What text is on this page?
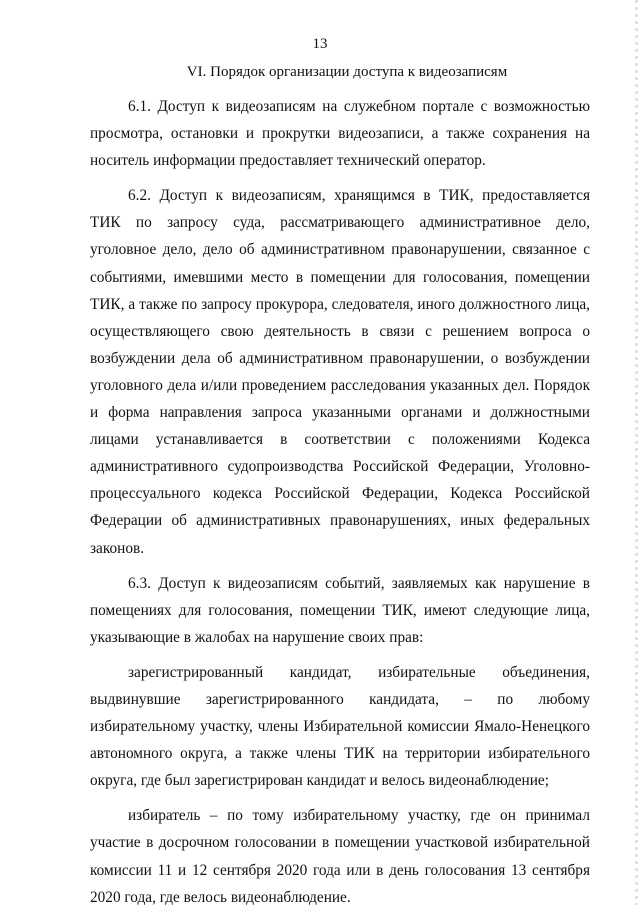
13
VI. Порядок организации доступа к видеозаписям

6.1. Доступ к видеозаписям на служебном портале с возможностью просмотра, остановки и прокрутки видеозаписи, а также сохранения на носитель информации предоставляет технический оператор.

6.2. Доступ к видеозаписям, хранящимся в ТИК, предоставляется ТИК по запросу суда, рассматривающего административное дело, уголовное дело, дело об административном правонарушении, связанное с событиями, имевшими место в помещении для голосования, помещении ТИК, а также по запросу прокурора, следователя, иного должностного лица, осуществляющего свою деятельность в связи с решением вопроса о возбуждении дела об административном правонарушении, о возбуждении уголовного дела и/или проведением расследования указанных дел. Порядок и форма направления запроса указанными органами и должностными лицами устанавливается в соответствии с положениями Кодекса административного судопроизводства Российской Федерации, Уголовно-процессуального кодекса Российской Федерации, Кодекса Российской Федерации об административных правонарушениях, иных федеральных законов.

6.3. Доступ к видеозаписям событий, заявляемых как нарушение в помещениях для голосования, помещении ТИК, имеют следующие лица, указывающие в жалобах на нарушение своих прав:

зарегистрированный кандидат, избирательные объединения, выдвинувшие зарегистрированного кандидата, – по любому избирательному участку, члены Избирательной комиссии Ямало-Ненецкого автономного округа, а также члены ТИК на территории избирательного округа, где был зарегистрирован кандидат и велось видеонаблюдение;

избиратель – по тому избирательному участку, где он принимал участие в досрочном голосовании в помещении участковой избирательной комиссии 11 и 12 сентября 2020 года или в день голосования 13 сентября 2020 года, где велось видеонаблюдение.
